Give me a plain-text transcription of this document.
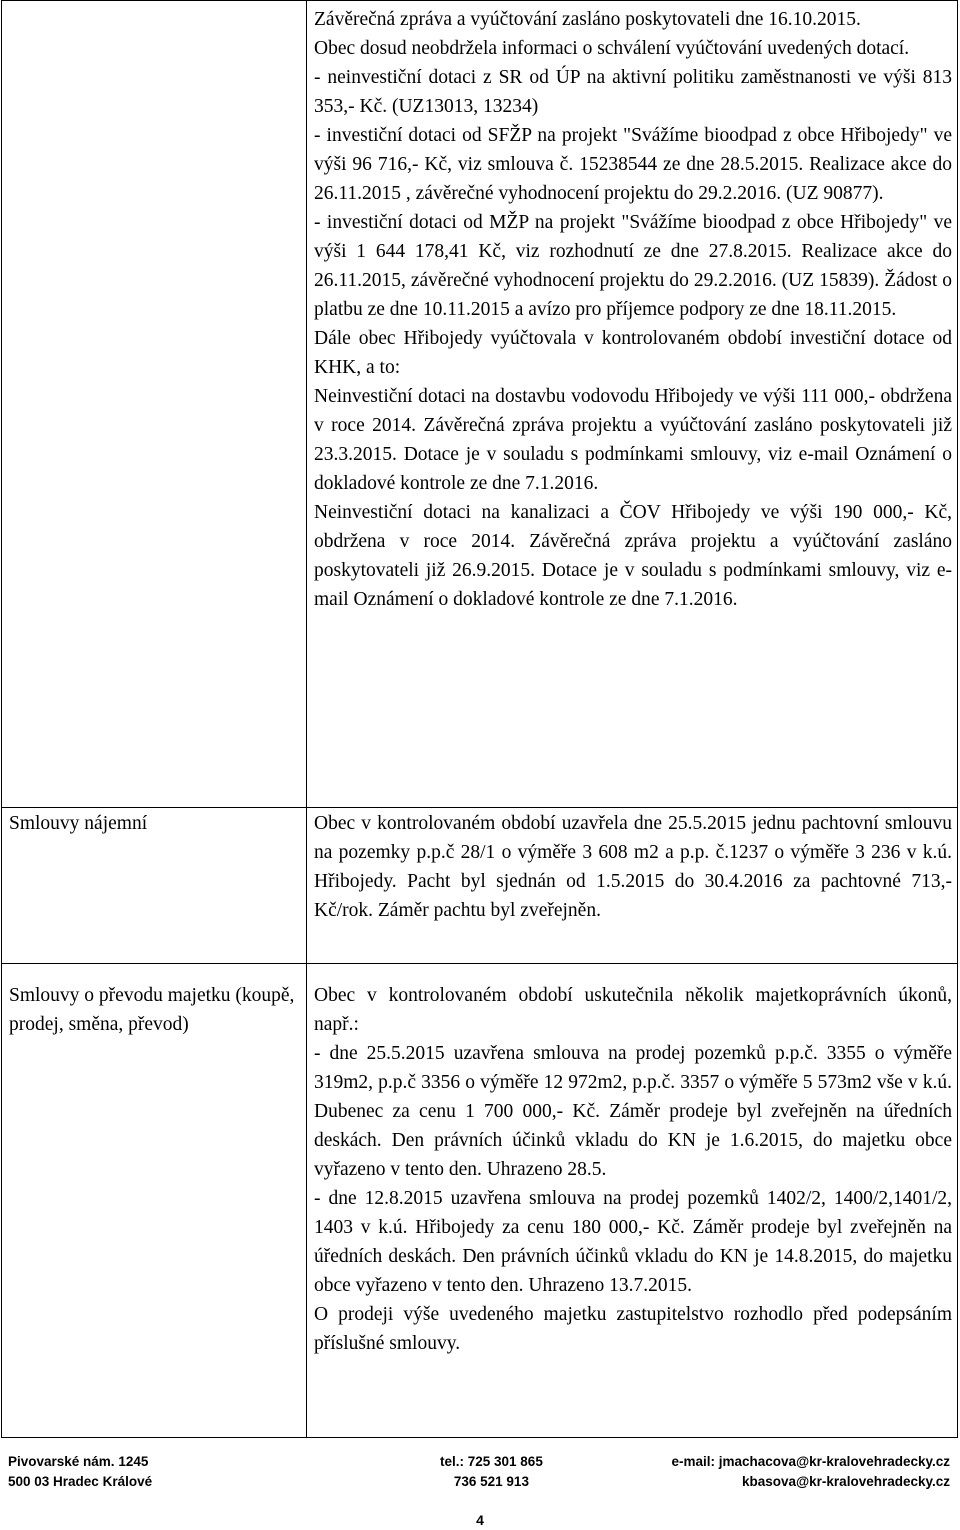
Závěrečná zpráva a vyúčtování zasláno poskytovateli dne 16.10.2015.

Obec dosud neobdržela informaci o schválení vyúčtování uvedených dotací.

- neinvestiční dotaci z SR od ÚP na aktivní politiku zaměstnanosti ve výši 813 353,- Kč. (UZ13013, 13234)

- investiční dotaci od SFŽP na projekt "Svážíme bioodpad z obce Hřibojedy" ve výši 96 716,- Kč, viz smlouva č. 15238544 ze dne 28.5.2015. Realizace akce do 26.11.2015 , závěrečné vyhodnocení projektu do 29.2.2016. (UZ 90877).

- investiční dotaci od MŽP na projekt "Svážíme bioodpad z obce Hřibojedy" ve výši 1 644 178,41 Kč, viz rozhodnutí ze dne 27.8.2015. Realizace akce do 26.11.2015, závěrečné vyhodnocení projektu do 29.2.2016. (UZ 15839). Žádost o platbu ze dne 10.11.2015 a avízo pro příjemce podpory ze dne 18.11.2015.

Dále obec Hřibojedy vyúčtovala v kontrolovaném období investiční dotace od KHK, a to:

Neinvestiční dotaci na dostavbu vodovodu Hřibojedy ve výši 111 000,- obdržena v roce 2014. Závěrečná zpráva projektu a vyúčtování zasláno poskytovateli již 23.3.2015. Dotace je v souladu s podmínkami smlouvy, viz e-mail Oznámení o dokladové kontrole ze dne 7.1.2016.

Neinvestiční dotaci na kanalizaci a ČOV Hřibojedy ve výši 190 000,- Kč, obdržena v roce 2014. Závěrečná zpráva projektu a vyúčtování zasláno poskytovateli již 26.9.2015. Dotace je v souladu s podmínkami smlouvy, viz e-mail Oznámení o dokladové kontrole ze dne 7.1.2016.

Smlouvy nájemní	Obec v kontrolovaném období uzavřela dne 25.5.2015 jednu pachtovní smlouvu na pozemky p.p.č 28/1 o výměře 3 608 m2 a p.p. č.1237 o výměře 3 236 v k.ú. Hřibojedy. Pacht byl sjednán od 1.5.2015 do 30.4.2016 za pachtovné 713,- Kč/rok. Záměr pachtu byl zveřejněn.

Smlouvy o převodu majetku (koupě, prodej, směna, převod)

Obec v kontrolovaném období uskutečnila několik majetkoprávních úkonů, např.:

- dne 25.5.2015 uzavřena smlouva na prodej pozemků p.p.č. 3355 o výměře 319m2, p.p.č 3356 o výměře 12 972m2, p.p.č. 3357 o výměře 5 573m2 vše v k.ú. Dubenec za cenu 1 700 000,- Kč. Záměr prodeje byl zveřejněn na úředních deskách. Den právních účinků vkladu do KN je 1.6.2015, do majetku obce vyřazeno v tento den. Uhrazeno 28.5.

- dne 12.8.2015 uzavřena smlouva na prodej pozemků 1402/2, 1400/2,1401/2, 1403 v k.ú. Hřibojedy za cenu 180 000,- Kč. Záměr prodeje byl zveřejněn na úředních deskách. Den právních účinků vkladu do KN je 14.8.2015, do majetku obce vyřazeno v tento den. Uhrazeno 13.7.2015.

O prodeji výše uvedeného majetku zastupitelstvo rozhodlo před podepsáním příslušné smlouvy.

Pivovarské nám. 1245
500 03 Hradec Králové
tel.: 725 301 865
736 521 913
e-mail: jmachacova@kr-kralovehradecky.cz
kbasova@kr-kralovehradecky.cz
4
